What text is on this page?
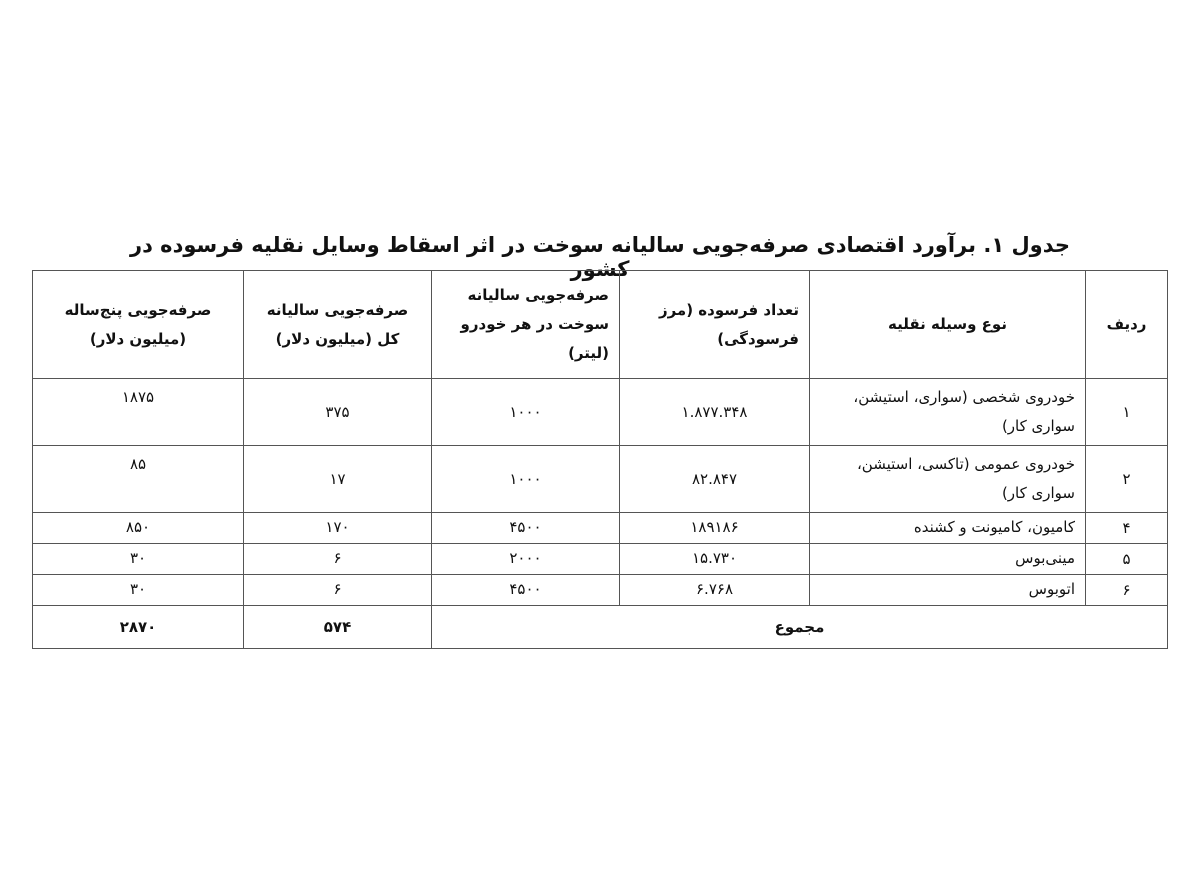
جدول ۱. برآورد اقتصادی صرفه‌جویی سالیانه سوخت در اثر اسقاط وسایل نقلیه فرسوده در کشور
ردیف	نوع وسیله نقلیه	تعداد فرسوده (مرز فرسودگی)	صرفه‌جویی سالیانه سوخت در هر خودرو (لیتر)	صرفه‌جویی سالیانه کل (میلیون دلار)	صرفه‌جویی پنج‌ساله (میلیون دلار)
۱	خودروی شخصی (سواری، استیشن، سواری کار)	۱.۸۷۷.۳۴۸	۱۰۰۰	۳۷۵	۱۸۷۵
۲	خودروی عمومی (تاکسی، استیشن، سواری کار)	۸۲.۸۴۷	۱۰۰۰	۱۷	۸۵
۴	کامیون، کامیونت و کشنده	۱۸۹۱۸۶	۴۵۰۰	۱۷۰	۸۵۰
۵	مینی‌بوس	۱۵.۷۳۰	۲۰۰۰	۶	۳۰
۶	اتوبوس	۶.۷۶۸	۴۵۰۰	۶	۳۰
مجموع				۵۷۴	۲۸۷۰
